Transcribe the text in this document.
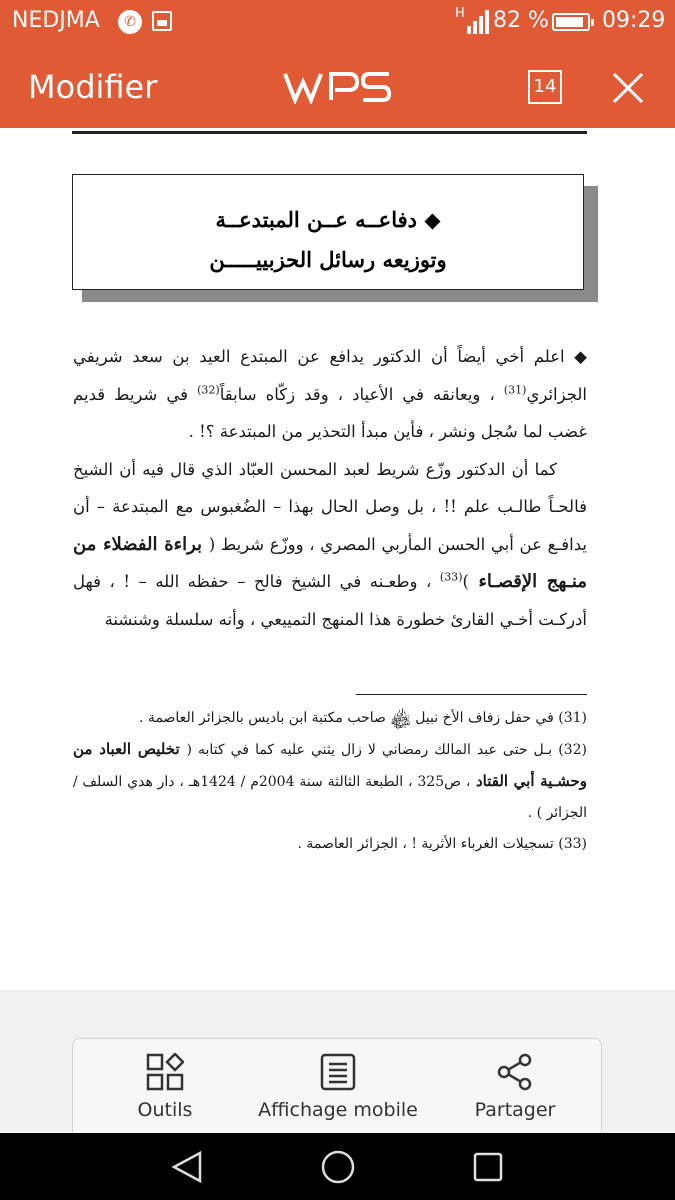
NEDJMA	✆
H 82 % 09:29
Modifier	WPS
14
◆ دفاعــه عــن المبتدعــة
وتوزيعه رسائل الحزبييـــــن

◆ اعلم أخي أيضاً أن الدكتور يدافع عن المبتدع العيد بن سعد شريفي الجزائري$^{(31)}$ ، ويعانقه في الأعياد ، وقد زكّاه سابقاً$^{(32)}$ في شريط قديم غضب لما سُجل ونشر ، فأين مبدأ التحذير من المبتدعة ؟! .

كما أن الدكتور وزّع شريط لعبد المحسن العبّاد الذي قال فيه أن الشيخ فالحـاً طالـب علم !! ، بل وصل الحال بهذا – الضُغبوس مع المبتدعة – أن يدافـع عن أبي الحسن المأربي المصري ، ووزّع شريط ( براءة الفضلاء من منـهج الإقصـاء )$^{(33)}$ ، وطعـنه في الشيخ فالح – حفظه الله – ! ، فهل أدركـت أخـي القارئ خطورة هذا المنهج التمييعي ، وأنه سلسلة وشنشنة

(31) في حفل زفاف الأخ نبيل ﷾ صاحب مكتبة ابن باديس بالجزائر العاصمة .

(32) بـل حتى عبد المالك رمضاني لا زال يثني عليه كما في كتابه ( تخليص العباد من وحشـية أبي القتاد ، ص325 ، الطبعة الثالثة سنة 2004م / 1424هـ ، دار هدي السلف / الجزائر ) .

(33) تسجيلات الغرباء الأثرية ! ، الجزائر العاصمة .

Outils	Affichage mobile	Partager
